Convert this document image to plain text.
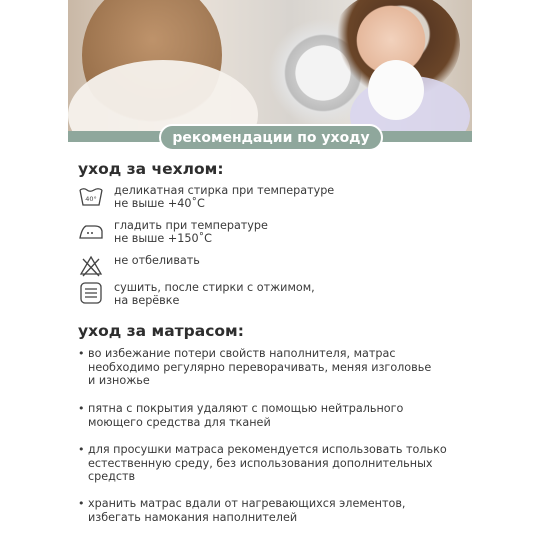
рекомендации по уходу
уход за чехлом:
40°
деликатная стирка при температуре
не выше +40˚С
гладить при температуре
не выше +150˚С
не отбеливать
сушить, после стирки с отжимом,
на верёвке
уход за матрасом:
• во избежание потери свойств наполнителя, матрас
необходимо регулярно переворачивать, меняя изголовье
и изножье
• пятна с покрытия удаляют с помощью нейтрального
моющего средства для тканей
• для просушки матраса рекомендуется использовать только
естественную среду, без использования дополнительных
средств
• хранить матрас вдали от нагревающихся элементов,
избегать намокания наполнителей
